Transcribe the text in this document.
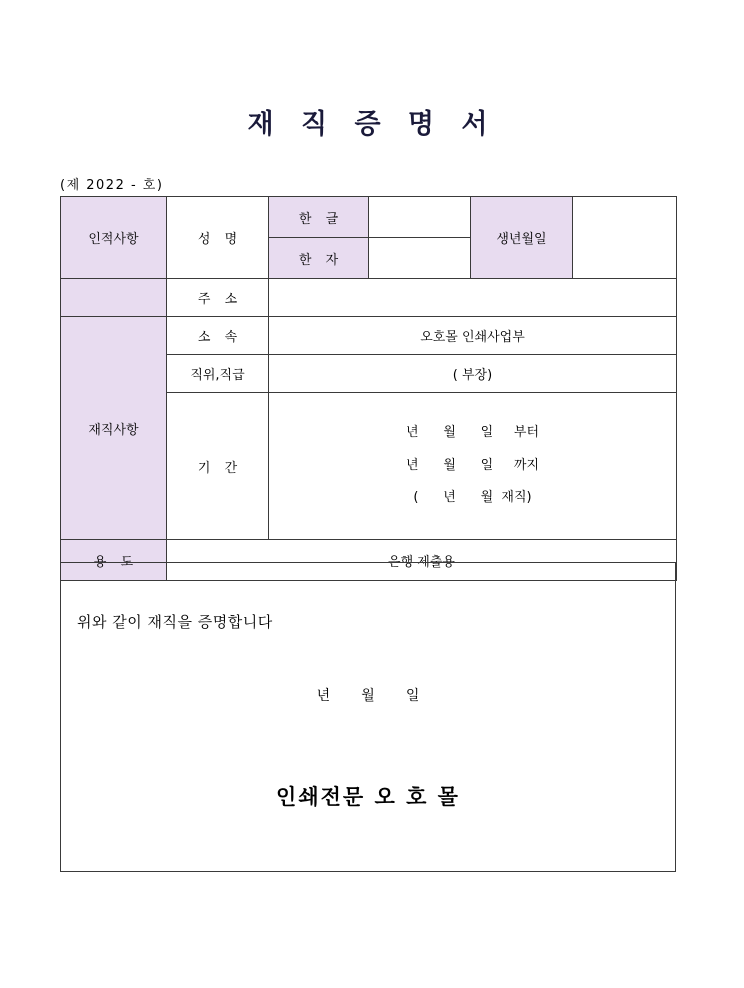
재 직 증 명 서
(제 2022 - 호)
인적사항	성 명	한 글		생년월일	
		한 자			
	주 소				
재직사항	소 속	오호몰 인쇄사업부			
	직위,직급	( 부장)			
	기 간	년      월      일     부터
년      월      일     까지
(      년      월  재직)			

용 도	은행 제출용				
위와 같이 재직을 증명합니다
년       월       일
인쇄전문 오 호 몰
